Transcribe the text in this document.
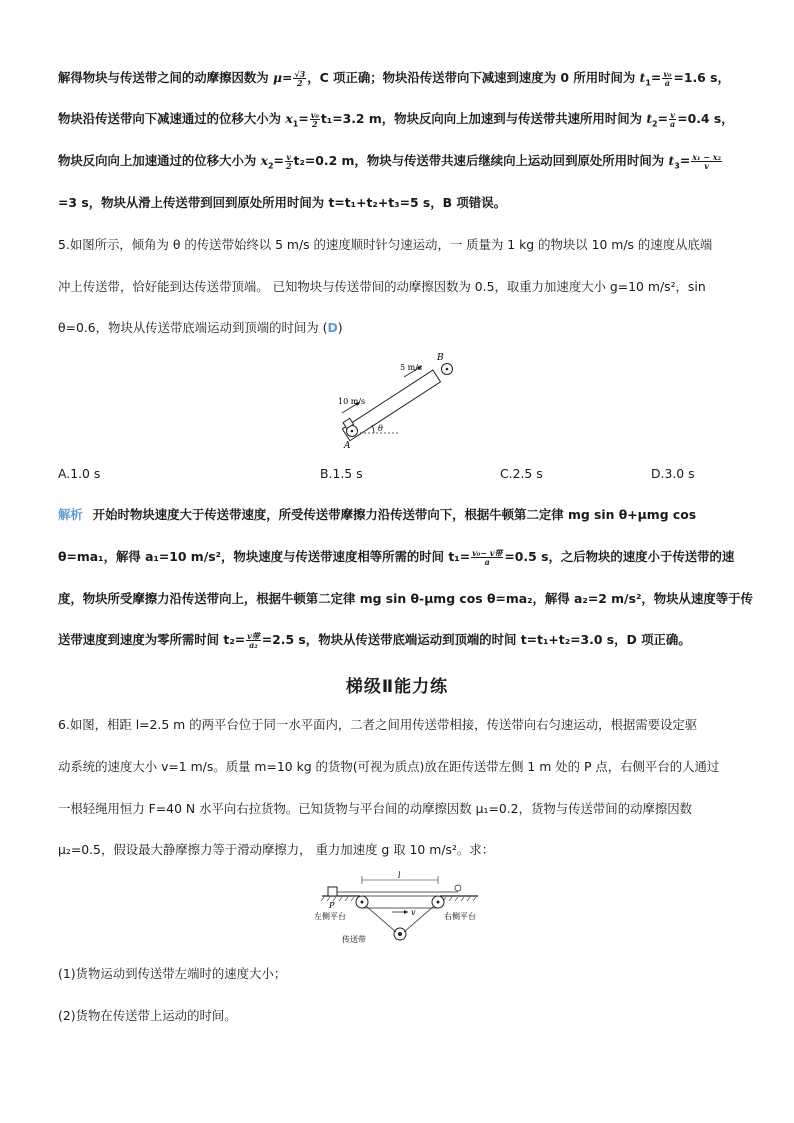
解得物块与传送带之间的动摩擦因数为 $\mu= \frac{√3}{2}$ ，C 项正确；物块沿传送带向下减速到速度为 0 所用时间为 $t_1= \frac{\text{v₀}}{a} =1.6$ s，
物块沿传送带向下减速通过的位移大小为 $x_1= \frac{\text{v₀}}{2} t_1=3.2$ m，物块反向向上加速到与传送带共速所用时间为 $t_2= \frac{v}{a} =0.4$ s，
物块反向向上加速通过的位移大小为 $x_2= \frac{v}{2} t_2=0.2$ m，物块与传送带共速后继续向上运动回到原处所用时间为 $t_3= \frac{\text{x₁ − x₂}}{v}$
=3 s，物块从滑上传送带到回到原处所用时间为 t=t₁+t₂+t₃=5 s，B 项错误。
5.如图所示，倾角为 θ 的传送带始终以 5 m/s 的速度顺时针匀速运动，一 质量为 1 kg 的物块以 10 m/s 的速度从底端
冲上传送带，恰好能到达传送带顶端。 已知物块与传送带间的动摩擦因数为 0.5，取重力加速度大小 g=10 m/s²，sin
θ=0.6，物块从传送带底端运动到顶端的时间为 (D)
B
A
5 m/s
10 m/s
θ
A.1.0 s	B.1.5 s	C.2.5 s	D.3.0 s
解析 开始时物块速度大于传送带速度，所受传送带摩擦力沿传送带向下，根据牛顿第二定律 mg sin θ+μmg cos
θ=ma₁，解得 a₁=10 m/s²，物块速度与传送带速度相等所需的时间 $t_1= \frac{\text{v₀− v带}}{a} =0.5$ s，之后物块的速度小于传送带的速
度，物块所受摩擦力沿传送带向上，根据牛顿第二定律 mg sin θ-μmg cos θ=ma₂，解得 a₂=2 m/s²，物块从速度等于传
送带速度到速度为零所需时间 $t_2= \frac{\text{v带}}{\text{a₂}} =2.5$ s，物块从传送带底端运动到顶端的时间 t=t₁+t₂=3.0 s，D 项正确。
梯级Ⅱ能力练
6.如图，相距 l=2.5 m 的两平台位于同一水平面内，二者之间用传送带相接，传送带向右匀速运动，根据需要设定驱
动系统的速度大小 v=1 m/s。质量 m=10 kg 的货物(可视为质点)放在距传送带左侧 1 m 处的 P 点，右侧平台的人通过
一根轻绳用恒力 F=40 N 水平向右拉货物。已知货物与平台间的动摩擦因数 μ₁=0.2，货物与传送带间的动摩擦因数
μ₂=0.5，假设最大静摩擦力等于滑动摩擦力， 重力加速度 g 取 10 m/s²。求：
l
P
v
左侧平台	右侧平台
传送带
(1)货物运动到传送带左端时的速度大小；
(2)货物在传送带上运动的时间。
